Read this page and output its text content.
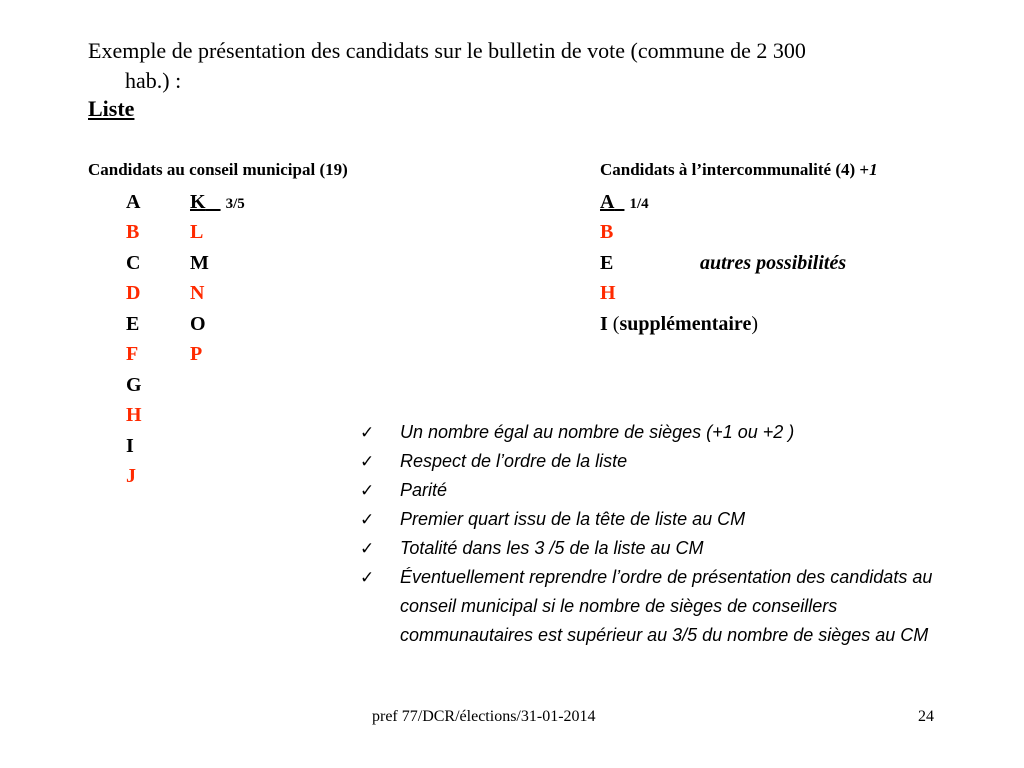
Exemple de présentation des candidats sur le bulletin de vote (commune de 2 300
hab.) :
Liste
Candidats au conseil municipal (19)	Candidats à l’intercommunalité (4) +1
A
B
C
D
E
F
G
H
I
J
K 3/5
L
M
N
O
P
A 1/4
B
E
H
I (supplémentaire)
autres possibilités
✓ Un nombre égal au nombre de sièges (+1 ou +2 )
✓ Respect de l’ordre de la liste
✓ Parité
✓ Premier quart issu de la tête de liste au CM
✓ Totalité dans les 3 /5 de la liste au CM
✓ Éventuellement reprendre l’ordre de présentation des candidats au conseil municipal si le nombre de sièges de conseillers communautaires est supérieur au 3/5 du nombre de sièges au CM
pref 77/DCR/élections/31-01-2014	24
